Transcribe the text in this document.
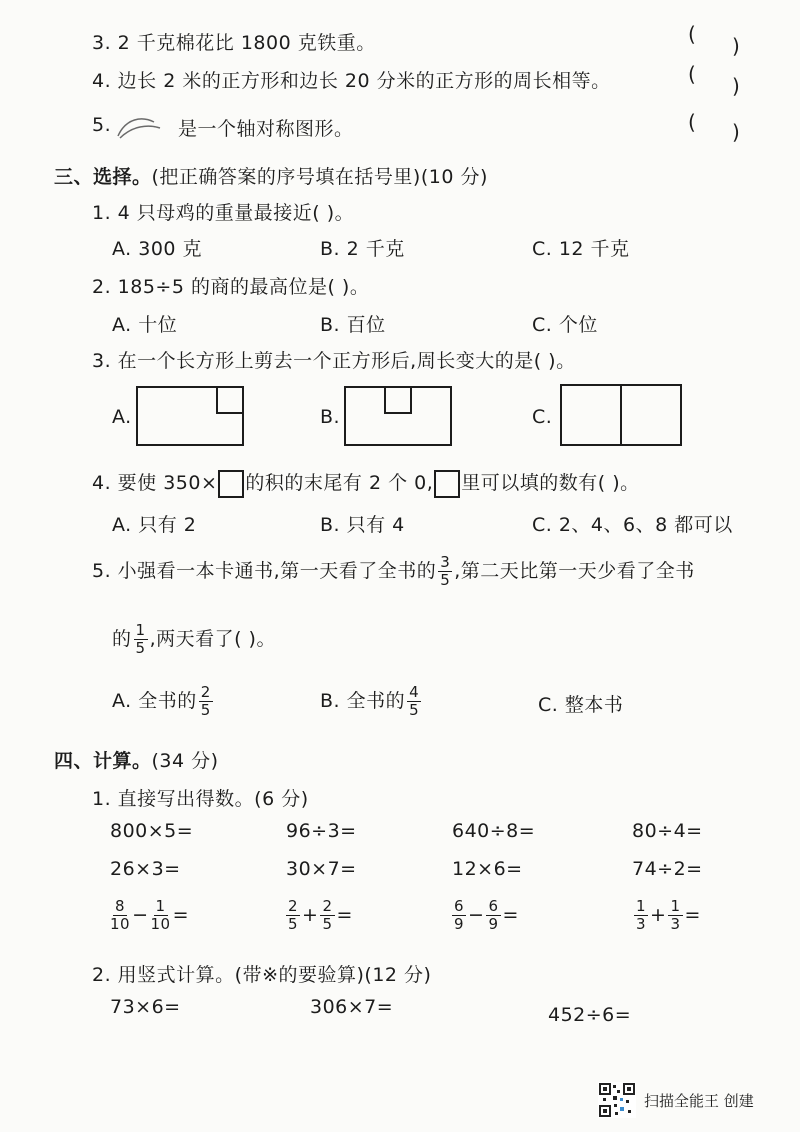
3. 2 千克棉花比 1800 克铁重。	( )
4. 边长 2 米的正方形和边长 20 分米的正方形的周长相等。	( )
5.	是一个轴对称图形。	( )
三、选择。(把正确答案的序号填在括号里)(10 分)
1. 4 只母鸡的重量最接近( )。
A. 300 克	B. 2 千克	C. 12 千克
2. 185÷5 的商的最高位是( )。
A. 十位	B. 百位	C. 个位
3. 在一个长方形上剪去一个正方形后,周长变大的是( )。
A.	B.	C.
4. 要使 350× 的积的末尾有 2 个 0, 里可以填的数有( )。
A. 只有 2	B. 只有 4	C. 2、4、6、8 都可以
5. 小强看一本卡通书,第一天看了全书的 $\frac{3}{5}$ ,第二天比第一天少看了全书
的 $\frac{1}{5}$ ,两天看了( )。
A. 全书的 $\frac{2}{5}$	B. 全书的 $\frac{4}{5}$	C. 整本书
四、计算。(34 分)
1. 直接写出得数。(6 分)
800×5=	96÷3=	640÷8=	80÷4=
26×3=	30×7=	12×6=	74÷2=
$\frac{8}{10} - \frac{1}{10}$ =	$\frac{2}{5} + \frac{2}{5}$ =	$\frac{6}{9} - \frac{6}{9}$ =	$\frac{1}{3} + \frac{1}{3}$ =
2. 用竖式计算。(带※的要验算)(12 分)
73×6=	306×7=	452÷6=
扫描全能王 创建
